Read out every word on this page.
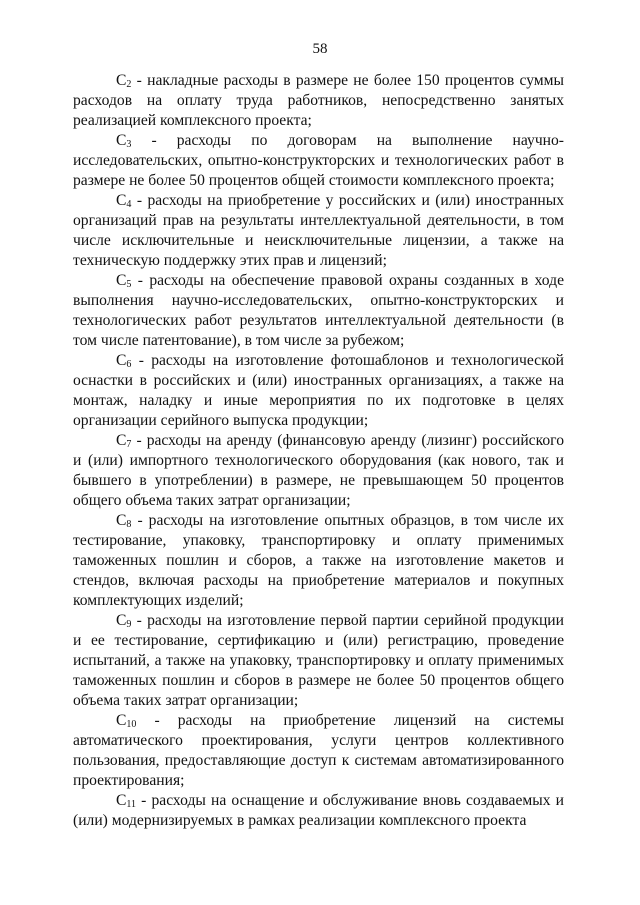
58

$C_2$ - накладные расходы в размере не более 150 процентов суммы расходов на оплату труда работников, непосредственно занятых реализацией комплексного проекта;

$C_3$ - расходы по договорам на выполнение научно-исследовательских, опытно-конструкторских и технологических работ в размере не более 50 процентов общей стоимости комплексного проекта;

$C_4$ - расходы на приобретение у российских и (или) иностранных организаций прав на результаты интеллектуальной деятельности, в том числе исключительные и неисключительные лицензии, а также на техническую поддержку этих прав и лицензий;

$C_5$ - расходы на обеспечение правовой охраны созданных в ходе выполнения научно-исследовательских, опытно-конструкторских и технологических работ результатов интеллектуальной деятельности (в том числе патентование), в том числе за рубежом;

$C_6$ - расходы на изготовление фотошаблонов и технологической оснастки в российских и (или) иностранных организациях, а также на монтаж, наладку и иные мероприятия по их подготовке в целях организации серийного выпуска продукции;

$C_7$ - расходы на аренду (финансовую аренду (лизинг) российского и (или) импортного технологического оборудования (как нового, так и бывшего в употреблении) в размере, не превышающем 50 процентов общего объема таких затрат организации;

$C_8$ - расходы на изготовление опытных образцов, в том числе их тестирование, упаковку, транспортировку и оплату применимых таможенных пошлин и сборов, а также на изготовление макетов и стендов, включая расходы на приобретение материалов и покупных комплектующих изделий;

$C_9$ - расходы на изготовление первой партии серийной продукции и ее тестирование, сертификацию и (или) регистрацию, проведение испытаний, а также на упаковку, транспортировку и оплату применимых таможенных пошлин и сборов в размере не более 50 процентов общего объема таких затрат организации;

$C_{10}$ - расходы на приобретение лицензий на системы автоматического проектирования, услуги центров коллективного пользования, предоставляющие доступ к системам автоматизированного проектирования;

$C_{11}$ - расходы на оснащение и обслуживание вновь создаваемых и (или) модернизируемых в рамках реализации комплексного проекта
